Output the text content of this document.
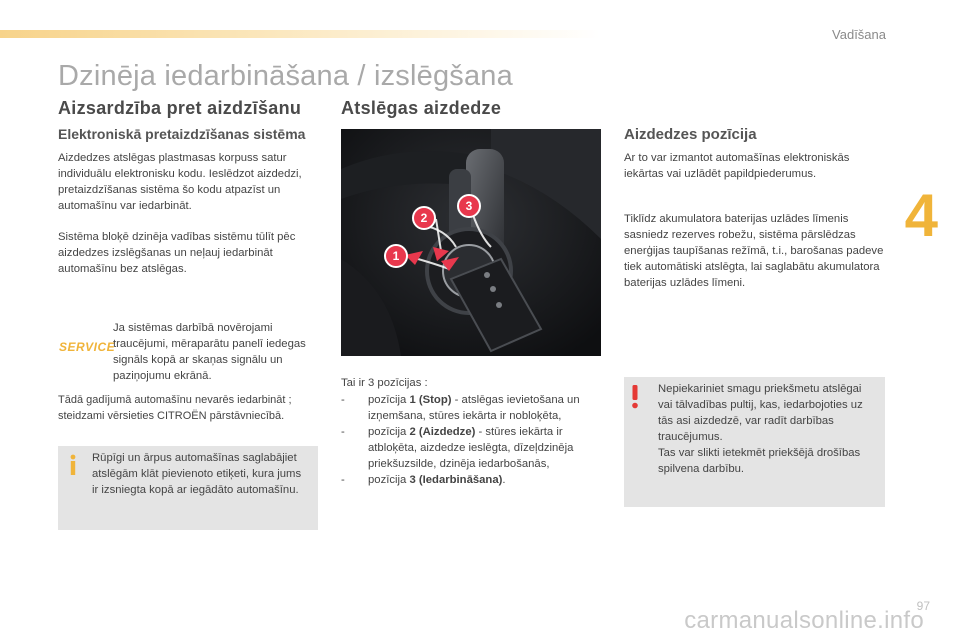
Vadīšana
4
Dzinēja iedarbināšana / izslēgšana
Aizsardzība pret aizdzīšanu
Elektroniskā pretaizdzīšanas sistēma

Aizdedzes atslēgas plastmasas korpuss satur individuālu elektronisku kodu. Ieslēdzot aizdedzi, pretaizdzīšanas sistēma šo kodu atpazīst un automašīnu var iedarbināt.

Sistēma bloķē dzinēja vadības sistēmu tūlīt pēc aizdedzes izslēgšanas un neļauj iedarbināt automašīnu bez atslēgas.

SERVICE

Ja sistēmas darbībā novērojami traucējumi, mēraparātu panelī iedegas signāls kopā ar skaņas signālu un paziņojumu ekrānā.

Tādā gadījumā automašīnu nevarēs iedarbināt ; steidzami vērsieties CITROËN pārstāvniecībā.

Rūpīgi un ārpus automašīnas saglabājiet atslēgām klāt pievienoto etiķeti, kura jums ir izsniegta kopā ar iegādāto automašīnu.

Atslēgas aizdedze
1
2
3

Tai ir 3 pozīcijas :

- pozīcija 1 (Stop) - atslēgas ievietošana un izņemšana, stūres iekārta ir nobloķēta,
- pozīcija 2 (Aizdedze) - stūres iekārta ir atbloķēta, aizdedze ieslēgta, dīzeļdzinēja priekšuzsilde, dzinēja iedarbošanās,
- pozīcija 3 (Iedarbināšana).
Aizdedzes pozīcija

Ar to var izmantot automašīnas elektroniskās iekārtas vai uzlādēt papildpiederumus.

Tiklīdz akumulatora baterijas uzlādes līmenis sasniedz rezerves robežu, sistēma pārslēdzas enerģijas taupīšanas režīmā, t.i., barošanas padeve tiek automātiski atslēgta, lai saglabātu akumulatora baterijas uzlādes līmeni.

Nepiekariniet smagu priekšmetu atslēgai vai tālvadības pultij, kas, iedarbojoties uz tās asi aizdedzē, var radīt darbības traucējumus.
Tas var slikti ietekmēt priekšējā drošības spilvena darbību.

carmanualsonline.info
97
